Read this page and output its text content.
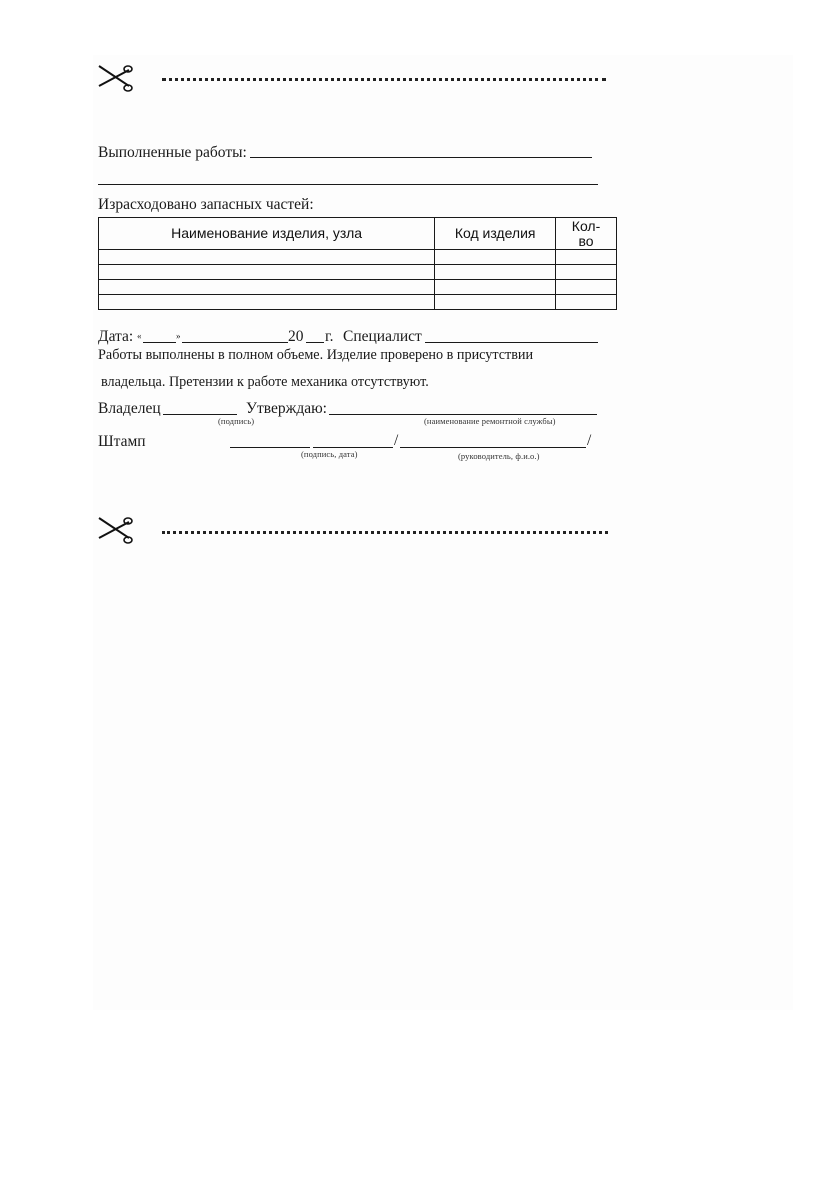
Выполненные работы:
Израсходовано запасных частей:
Наименование изделия, узла	Код изделия	Кол-во

Дата: «	»	20 г. Специалист
Работы выполнены в полном объеме. Изделие проверено в присутствии
владельца. Претензии к работе механика отсутствуют.
Владелец
(подпись)
Утверждаю:
(наименование ремонтной службы)
Штамп
(подпись, дата)
/	/
(руководитель, ф.и.о.)
